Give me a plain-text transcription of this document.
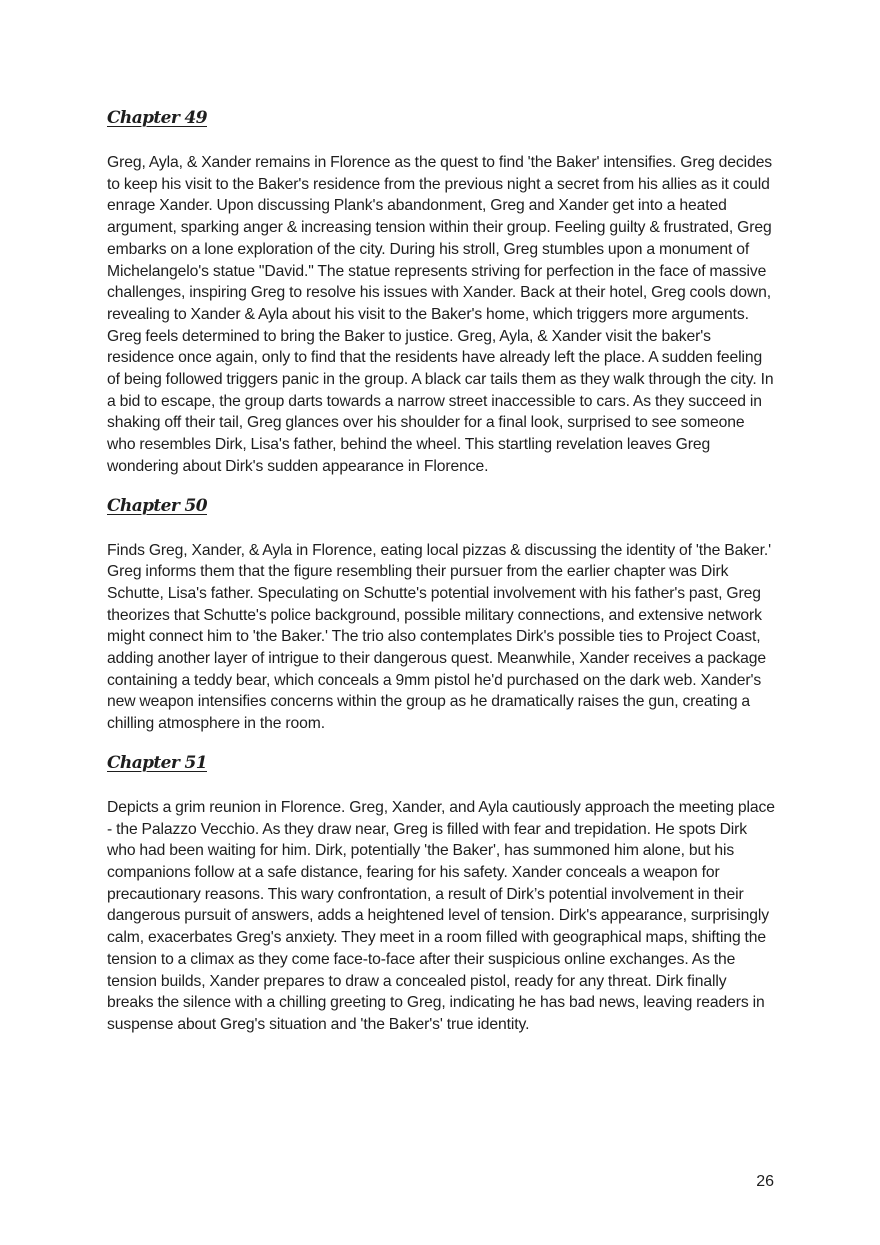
Chapter 49

Greg, Ayla, & Xander remains in Florence as the quest to find 'the Baker' intensifies. Greg decides to keep his visit to the Baker's residence from the previous night a secret from his allies as it could enrage Xander. Upon discussing Plank's abandonment, Greg and Xander get into a heated argument, sparking anger & increasing tension within their group. Feeling guilty & frustrated, Greg embarks on a lone exploration of the city. During his stroll, Greg stumbles upon a monument of Michelangelo's statue "David." The statue represents striving for perfection in the face of massive challenges, inspiring Greg to resolve his issues with Xander. Back at their hotel, Greg cools down, revealing to Xander & Ayla about his visit to the Baker's home, which triggers more arguments. Greg feels determined to bring the Baker to justice. Greg, Ayla, & Xander visit the baker's residence once again, only to find that the residents have already left the place. A sudden feeling of being followed triggers panic in the group. A black car tails them as they walk through the city. In a bid to escape, the group darts towards a narrow street inaccessible to cars. As they succeed in shaking off their tail, Greg glances over his shoulder for a final look, surprised to see someone who resembles Dirk, Lisa's father, behind the wheel. This startling revelation leaves Greg wondering about Dirk's sudden appearance in Florence.

Chapter 50

Finds Greg, Xander, & Ayla in Florence, eating local pizzas & discussing the identity of 'the Baker.' Greg informs them that the figure resembling their pursuer from the earlier chapter was Dirk Schutte, Lisa's father. Speculating on Schutte's potential involvement with his father's past, Greg theorizes that Schutte's police background, possible military connections, and extensive network might connect him to 'the Baker.' The trio also contemplates Dirk's possible ties to Project Coast, adding another layer of intrigue to their dangerous quest. Meanwhile, Xander receives a package containing a teddy bear, which conceals a 9mm pistol he'd purchased on the dark web. Xander's new weapon intensifies concerns within the group as he dramatically raises the gun, creating a chilling atmosphere in the room.

Chapter 51

Depicts a grim reunion in Florence. Greg, Xander, and Ayla cautiously approach the meeting place - the Palazzo Vecchio. As they draw near, Greg is filled with fear and trepidation. He spots Dirk who had been waiting for him. Dirk, potentially 'the Baker', has summoned him alone, but his companions follow at a safe distance, fearing for his safety. Xander conceals a weapon for precautionary reasons. This wary confrontation, a result of Dirk’s potential involvement in their dangerous pursuit of answers, adds a heightened level of tension. Dirk's appearance, surprisingly calm, exacerbates Greg's anxiety. They meet in a room filled with geographical maps, shifting the tension to a climax as they come face-to-face after their suspicious online exchanges. As the tension builds, Xander prepares to draw a concealed pistol, ready for any threat. Dirk finally breaks the silence with a chilling greeting to Greg, indicating he has bad news, leaving readers in suspense about Greg's situation and 'the Baker's' true identity.

26
